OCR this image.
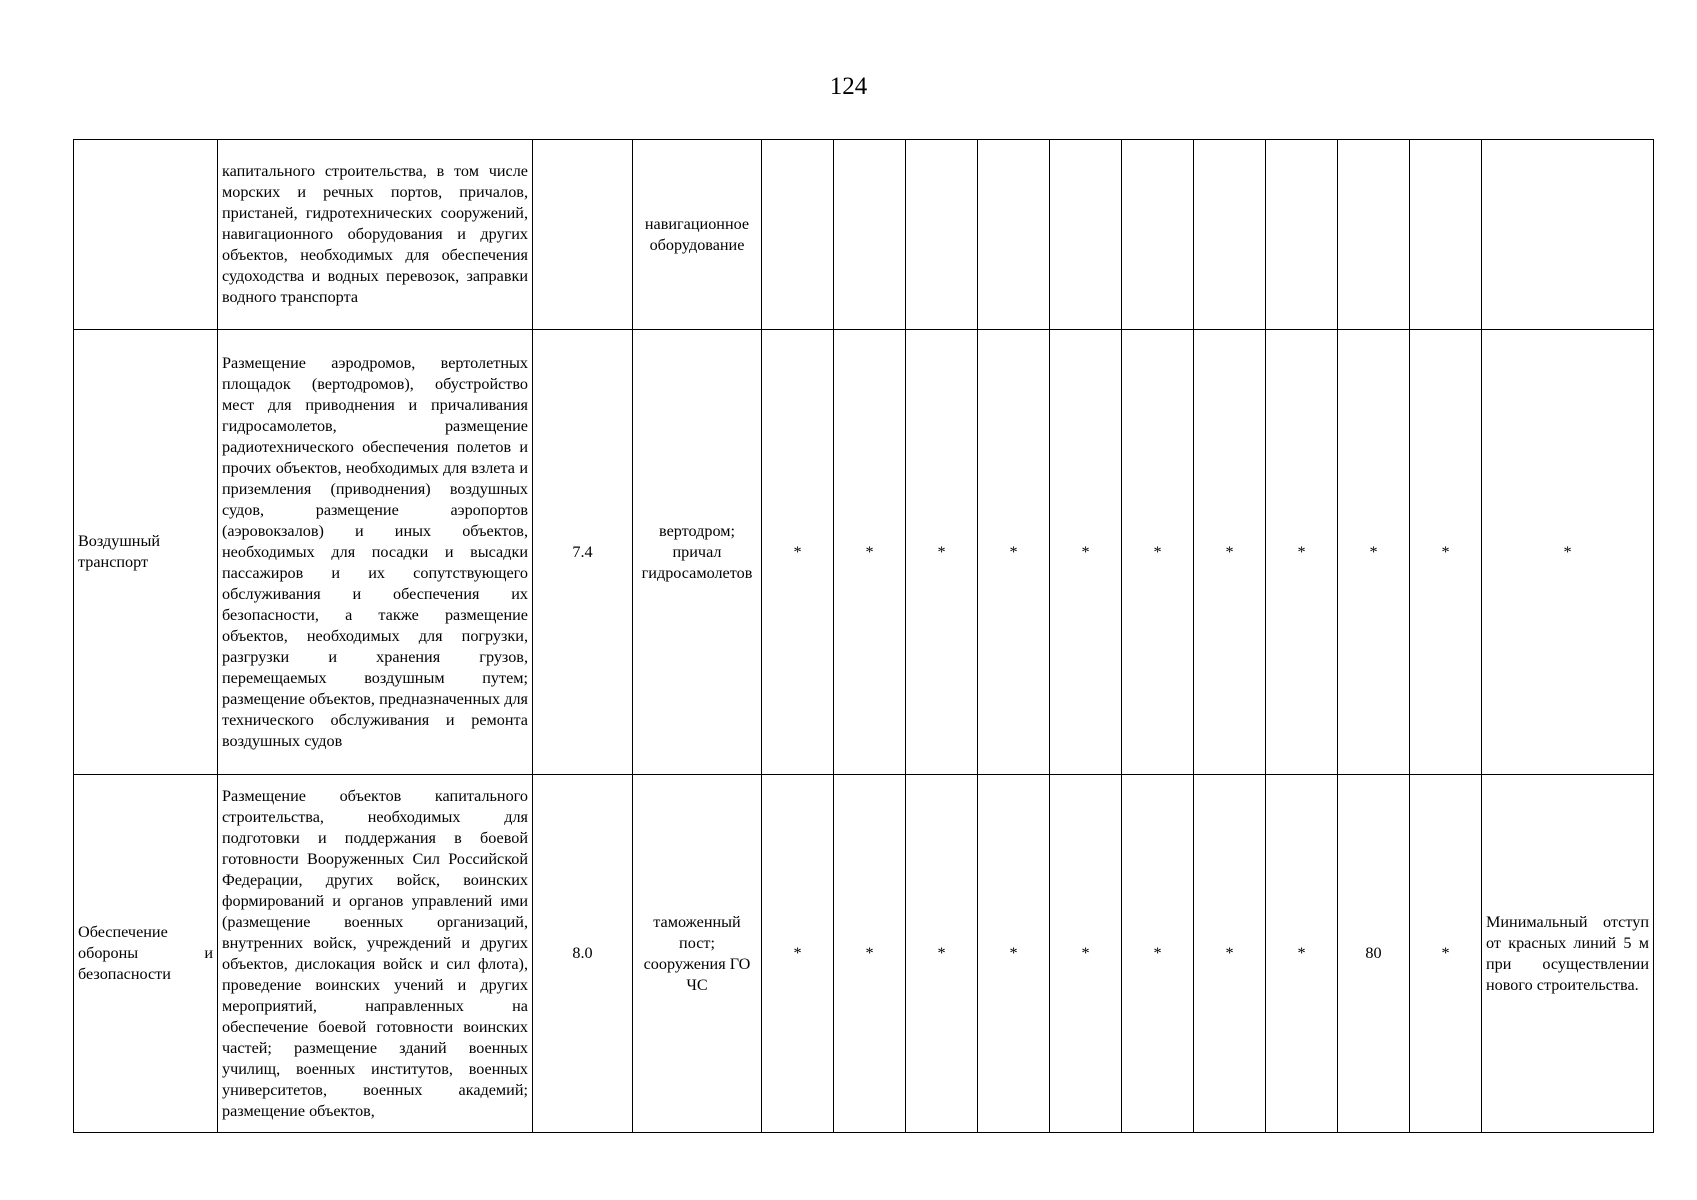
124
	капитального строительства, в том числе морских и речных портов, причалов, пристаней, гидротехнических сооружений, навигационного оборудования и других объектов, необходимых для обеспечения судоходства и водных перевозок, заправки водного транспорта		навигационное оборудование											
Воздушный транспорт	Размещение аэродромов, вертолетных площадок (вертодромов), обустройство мест для приводнения и причаливания гидросамолетов, размещение радиотехнического обеспечения полетов и прочих объектов, необходимых для взлета и приземления (приводнения) воздушных судов, размещение аэропортов (аэровокзалов) и иных объектов, необходимых для посадки и высадки пассажиров и их сопутствующего обслуживания и обеспечения их безопасности, а также размещение объектов, необходимых для погрузки, разгрузки и хранения грузов, перемещаемых воздушным путем; размещение объектов, предназначенных для технического обслуживания и ремонта воздушных судов	7.4	вертодром; причал гидросамолетов	*	*	*	*	*	*	*	*	*	*	*
Обеспечение обороны и безопасности	Размещение объектов капитального строительства, необходимых для подготовки и поддержания в боевой готовности Вооруженных Сил Российской Федерации, других войск, воинских формирований и органов управлений ими (размещение военных организаций, внутренних войск, учреждений и других объектов, дислокация войск и сил флота), проведение воинских учений и других мероприятий, направленных на обеспечение боевой готовности воинских частей; размещение зданий военных училищ, военных институтов, военных университетов, военных академий; размещение объектов,	8.0	таможенный пост; сооружения ГО ЧС	*	*	*	*	*	*	*	*	80	*	Минимальный отступ от красных линий 5 м при осуществлении нового строительства.
